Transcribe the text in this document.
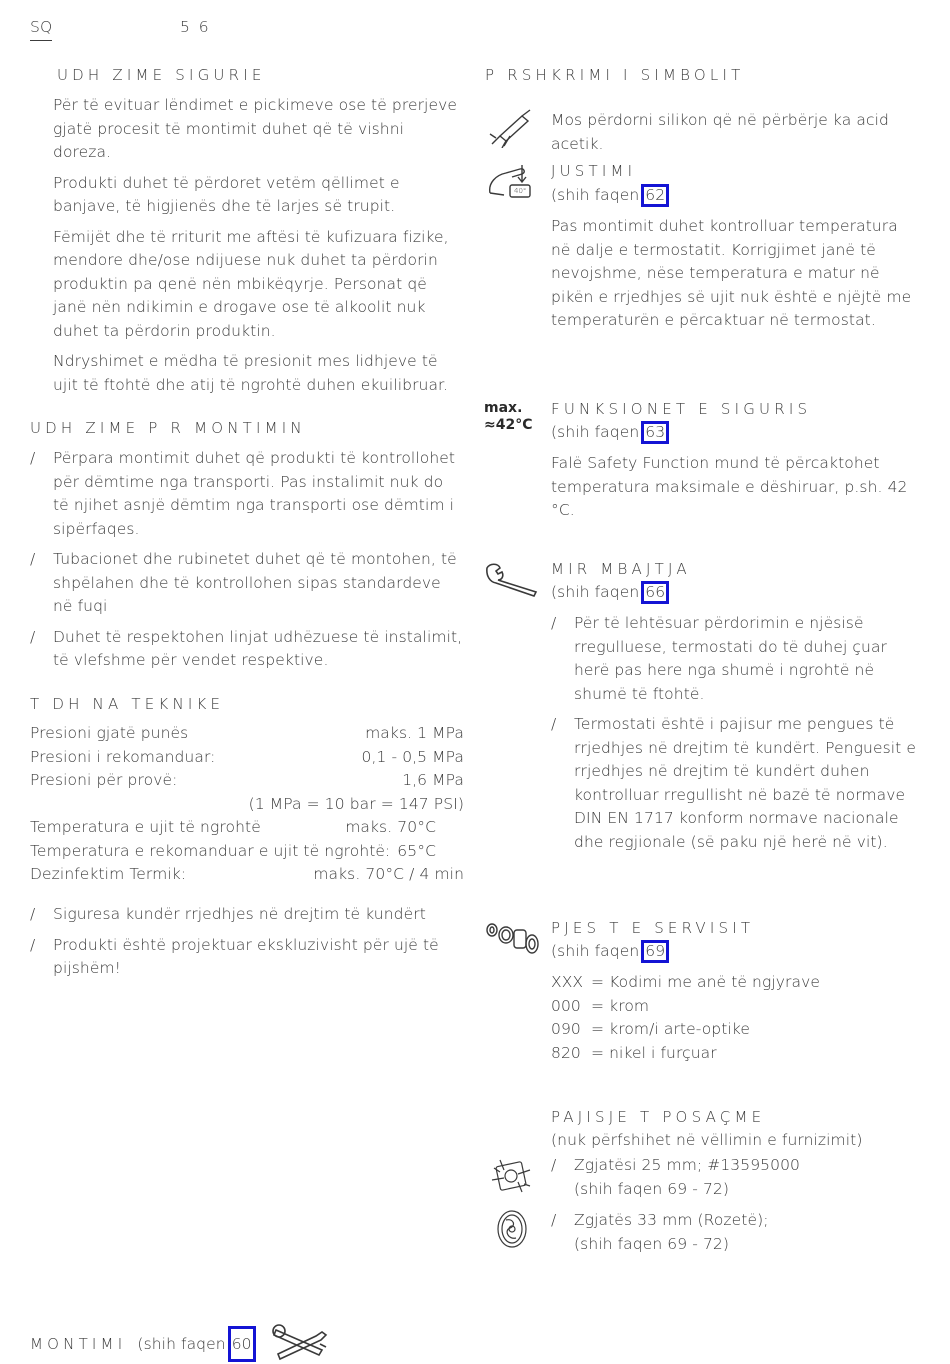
SQ	5 6
UDH ZIME SIGURIE

Për të evituar lëndimet e pickimeve ose të prerjeve gjatë procesit të montimit duhet që të vishni doreza.

Produkti duhet të përdoret vetëm qëllimet e banjave, të higjienës dhe të larjes së trupit.

Fëmijët dhe të rriturit me aftësi të kufizuara fizike, mendore dhe/ose ndijuese nuk duhet ta përdorin produktin pa qenë nën mbikëqyrje. Personat që janë nën ndikimin e drogave ose të alkoolit nuk duhet ta përdorin produktin.

Ndryshimet e mëdha të presionit mes lidhjeve të ujit të ftohtë dhe atij të ngrohtë duhen ekuilibruar.

UDH ZIME P R MONTIMIN
/ Përpara montimit duhet që produkti të kontrollohet për dëmtime nga transporti. Pas instalimit nuk do të njihet asnjë dëmtim nga transporti ose dëmtim i sipërfaqes.
/ Tubacionet dhe rubinetet duhet që të montohen, të shpëlahen dhe të kontrollohen sipas standardeve në fuqi
/ Duhet të respektohen linjat udhëzuese të instalimit, të vlefshme për vendet respektive.
T DH NA TEKNIKE
Presioni gjatë punës	maks. 1 MPa
Presioni i rekomanduar:	0,1 - 0,5 MPa
Presioni për provë:	1,6 MPa
(1 MPa = 10 bar = 147 PSI)
Temperatura e ujit të ngrohtë	maks. 70°C
Temperatura e rekomanduar e ujit të ngrohtë: 65°C
Dezinfektim Termik:	maks. 70°C / 4 min
/ Siguresa kundër rrjedhjes në drejtim të kundërt
/ Produkti është projektuar ekskluzivisht për ujë të pijshëm!
MONTIMI (shih faqen 60
P RSHKRIMI I SIMBOLIT
Mos përdorni silikon që në përbërje ka acid acetik.
40°
JUSTIMI
(shih faqen 62
Pas montimit duhet kontrolluar temperatura në dalje e termostatit. Korrigjimet janë të nevojshme, nëse temperatura e matur në pikën e rrjedhjes së ujit nuk është e njëjtë me temperaturën e përcaktuar në termostat.
max.
≈42°C
FUNKSIONET E SIGURIS
(shih faqen 63
Falë Safety Function mund të përcaktohet temperatura maksimale e dëshiruar, p.sh. 42 °C.
MIR MBAJTJA
(shih faqen 66
/ Për të lehtësuar përdorimin e njësisë rregulluese, termostati do të duhej çuar herë pas here nga shumë i ngrohtë në shumë të ftohtë.
/ Termostati është i pajisur me pengues të rrjedhjes në drejtim të kundërt. Penguesit e rrjedhjes në drejtim të kundërt duhen kontrolluar rregullisht në bazë të normave DIN EN 1717 konform normave nacionale dhe regjionale (së paku një herë në vit).
PJES T E SERVISIT
(shih faqen 69
XXX = Kodimi me anë të ngjyrave
000 = krom
090 = krom/i arte-optike
820 = nikel i furçuar
PAJISJE T POSAÇME
(nuk përfshihet në vëllimin e furnizimit)
/ Zgjatësi 25 mm; #13595000
(shih faqen 69 - 72)
/ Zgjatës 33 mm (Rozetë);
(shih faqen 69 - 72)
